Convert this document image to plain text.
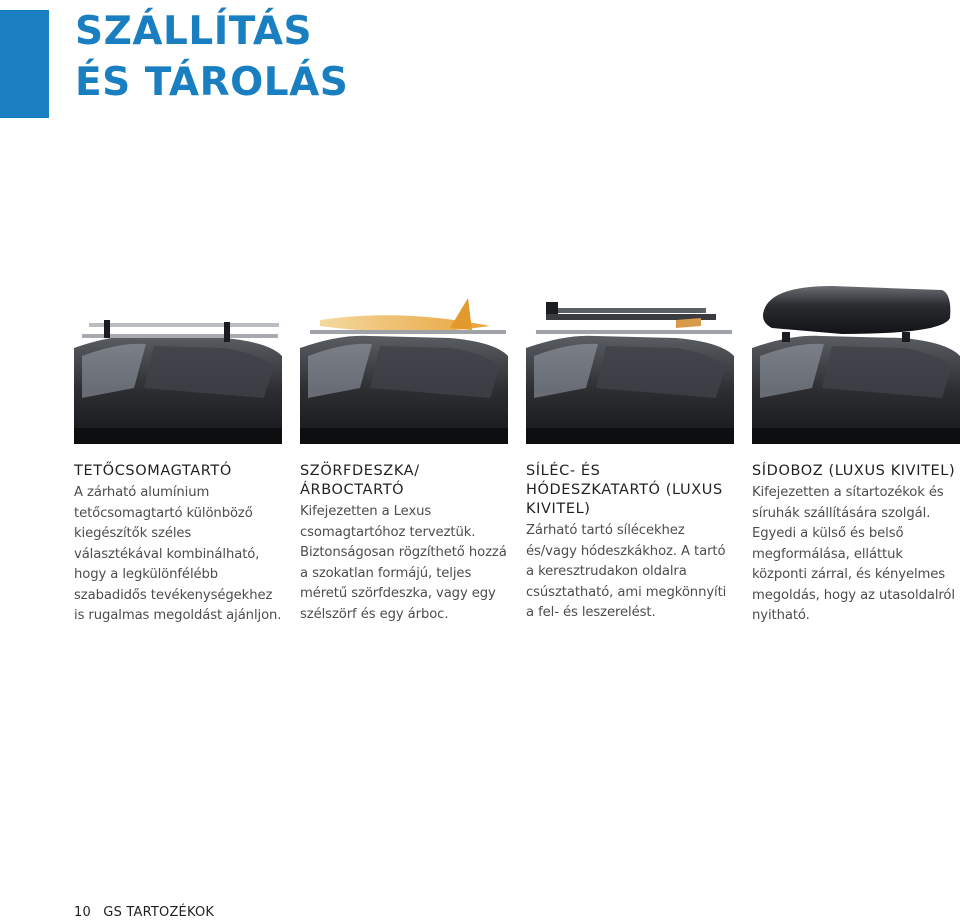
SZÁLLÍTÁS
ÉS TÁROLÁS
TETŐCSOMAGTARTÓ

A zárható alumínium tetőcsomagtartó különböző kiegészítők széles választékával kombinálható, hogy a legkülönfélébb szabadidős tevékenységekhez is rugalmas megoldást ajánljon.

SZÖRFDESZKA/ÁRBOCTARTÓ

Kifejezetten a Lexus csomagtartóhoz terveztük. Biztonságosan rögzíthető hozzá a szokatlan formájú, teljes méretű szörfdeszka, vagy egy szélszörf és egy árboc.

SÍLÉC- ÉS HÓDESZKATARTÓ (LUXUS KIVITEL)

Zárható tartó sílécekhez és/vagy hódeszkákhoz. A tartó a keresztrudakon oldalra csúsztatható, ami megkönnyíti a fel- és leszerelést.

SÍDOBOZ (LUXUS KIVITEL)

Kifejezetten a sítartozékok és síruhák szállítására szolgál. Egyedi a külső és belső megformálása, elláttuk központi zárral, és kényelmes megoldás, hogy az utasoldalról nyitható.

10 GS TARTOZÉKOK
